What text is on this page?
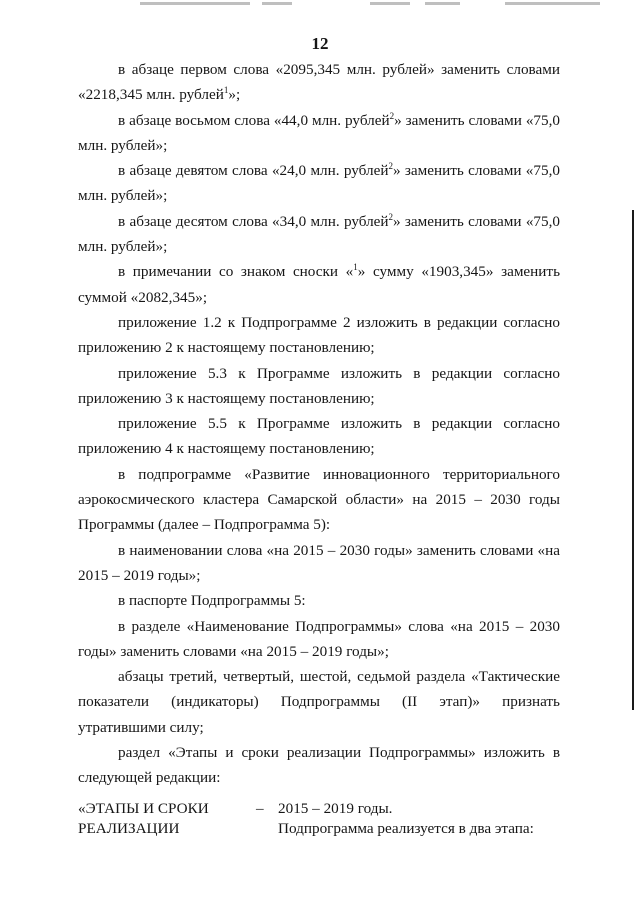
12

в абзаце первом слова «2095,345 млн. рублей» заменить словами «2218,345 млн. рублей$^1$»;

в абзаце восьмом слова «44,0 млн. рублей$^2$» заменить словами «75,0 млн. рублей»;

в абзаце девятом слова «24,0 млн. рублей$^2$» заменить словами «75,0 млн. рублей»;

в абзаце десятом слова «34,0 млн. рублей$^2$» заменить словами «75,0 млн. рублей»;

в примечании со знаком сноски «$^1$» сумму «1903,345» заменить суммой «2082,345»;

приложение 1.2 к Подпрограмме 2 изложить в редакции согласно приложению 2 к настоящему постановлению;

приложение 5.3 к Программе изложить в редакции согласно приложению 3 к настоящему постановлению;

приложение 5.5 к Программе изложить в редакции согласно приложению 4 к настоящему постановлению;

в подпрограмме «Развитие инновационного территориального аэрокосмического кластера Самарской области» на 2015 – 2030 годы Программы (далее – Подпрограмма 5):

в наименовании слова «на 2015 – 2030 годы» заменить словами «на 2015 – 2019 годы»;

в паспорте Подпрограммы 5:

в разделе «Наименование Подпрограммы» слова «на 2015 – 2030 годы» заменить словами «на 2015 – 2019 годы»;

абзацы третий, четвертый, шестой, седьмой раздела «Тактические показатели (индикаторы) Подпрограммы (II этап)» признать утратившими силу;

раздел «Этапы и сроки реализации Подпрограммы» изложить в следующей редакции:

«ЭТАПЫ И СРОКИ	– 2015 – 2019 годы.
РЕАЛИЗАЦИИ	Подпрограмма реализуется в два этапа:
